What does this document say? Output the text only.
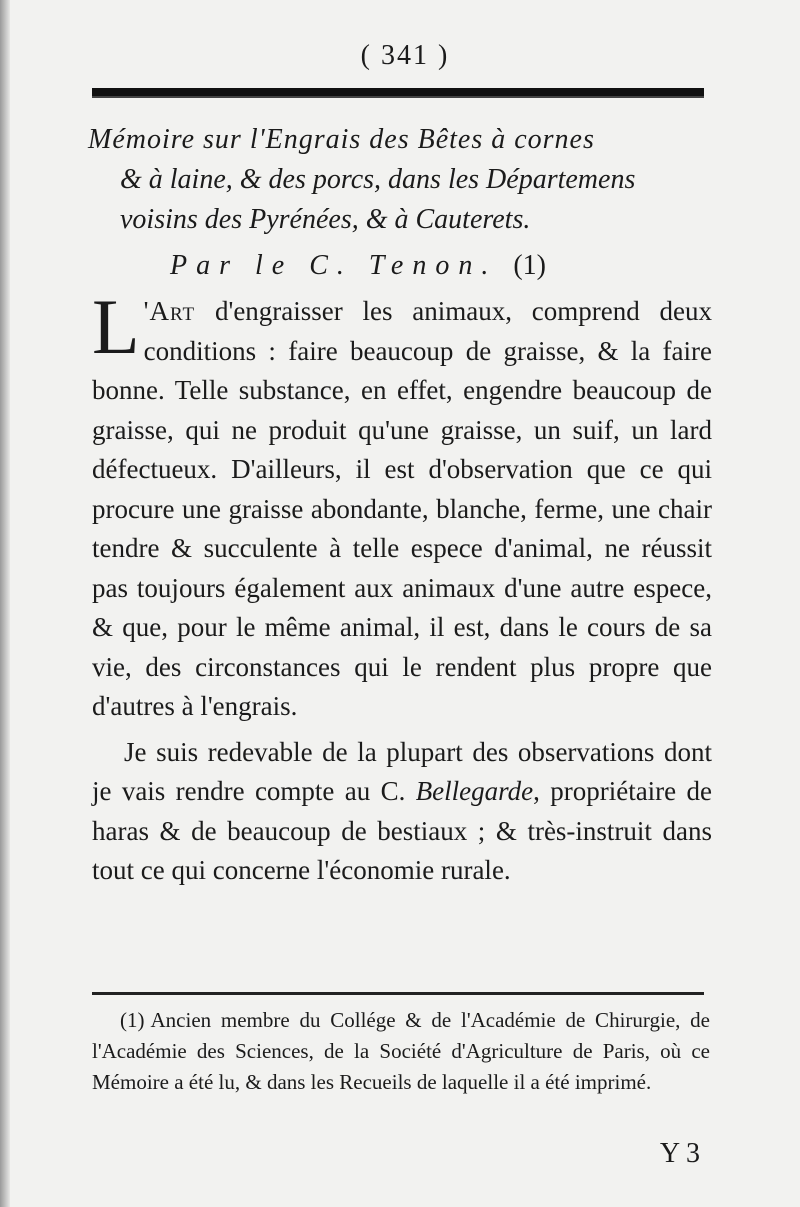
( 341 )
Mémoire sur l'Engrais des Bêtes à cornes
& à laine, & des porcs, dans les Départemens
voisins des Pyrénées, & à Cauterets.
Par le C. Tenon. (1)

L 'Art d'engraisser les animaux, comprend deux conditions : faire beaucoup de graisse, & la faire bonne. Telle substance, en effet, engendre beaucoup de graisse, qui ne produit qu'une graisse, un suif, un lard défectueux. D'ailleurs, il est d'observation que ce qui procure une graisse abondante, blanche, ferme, une chair tendre & succulente à telle espece d'animal, ne réussit pas toujours également aux animaux d'une autre espece, & que, pour le même animal, il est, dans le cours de sa vie, des circonstances qui le rendent plus propre que d'autres à l'engrais.

Je suis redevable de la plupart des observations dont je vais rendre compte au C. Bellegarde, propriétaire de haras & de beaucoup de bestiaux ; & très-instruit dans tout ce qui concerne l'économie rurale.

(1) Ancien membre du Collége & de l'Académie de Chirurgie, de l'Académie des Sciences, de la Société d'Agriculture de Paris, où ce Mémoire a été lu, & dans les Recueils de laquelle il a été imprimé.
Y 3
